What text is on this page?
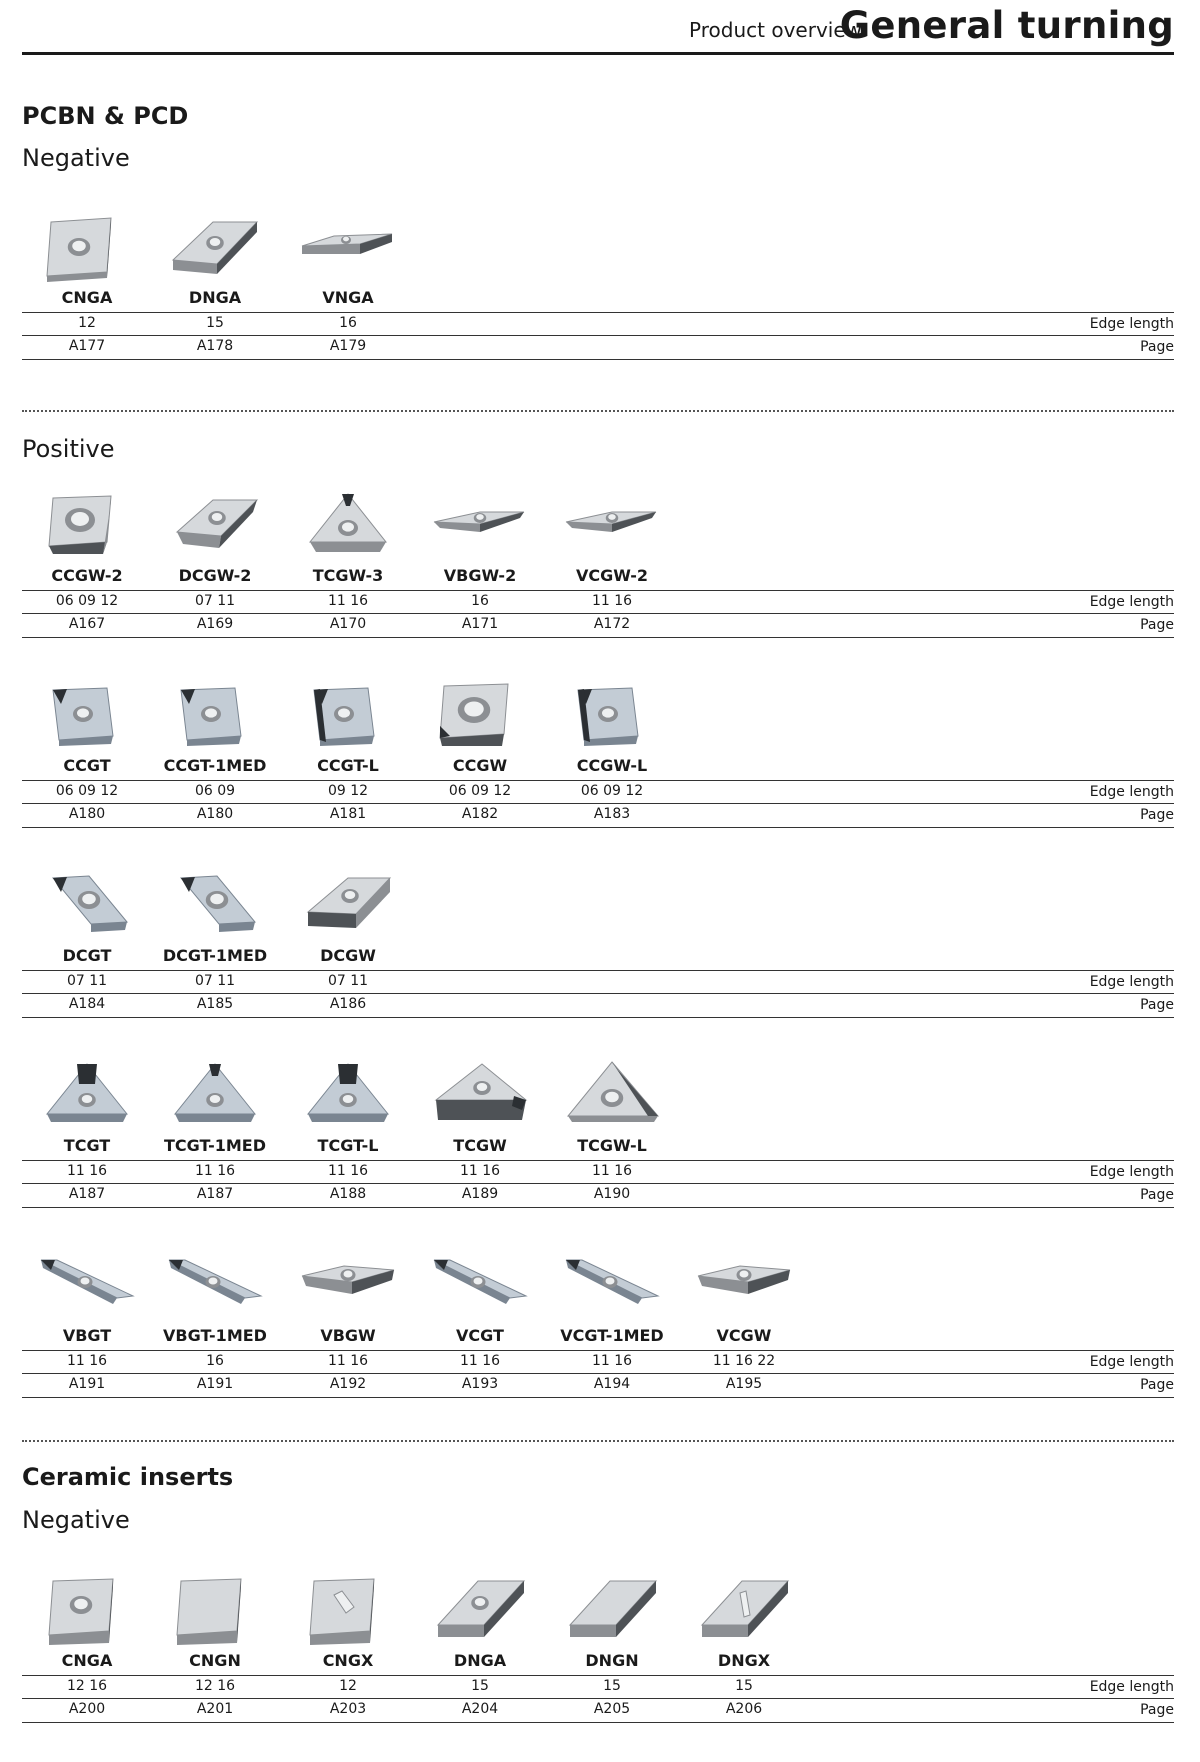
Product overview
General turning
PCBN & PCD
Negative
Positive
Ceramic inserts
Negative
Edge length
Page
CNGA
12
A177
DNGA
15
A178
VNGA
16
A179
Edge length
Page
CCGW-2
06 09 12
A167
DCGW-2
07 11
A169
TCGW-3
11 16
A170
VBGW-2
16
A171
VCGW-2
11 16
A172
Edge length
Page
CCGT
06 09 12
A180
CCGT-1MED
06 09
A180
CCGT-L
09 12
A181
CCGW
06 09 12
A182
CCGW-L
06 09 12
A183
Edge length
Page
DCGT
07 11
A184
DCGT-1MED
07 11
A185
DCGW
07 11
A186
Edge length
Page
TCGT
11 16
A187
TCGT-1MED
11 16
A187
TCGT-L
11 16
A188
TCGW
11 16
A189
TCGW-L
11 16
A190
Edge length
Page
VBGT
11 16
A191
VBGT-1MED
16
A191
VBGW
11 16
A192
VCGT
11 16
A193
VCGT-1MED
11 16
A194
VCGW
11 16 22
A195
Edge length
Page
CNGA
12 16
A200
CNGN
12 16
A201
CNGX
12
A203
DNGA
15
A204
DNGN
15
A205
DNGX
15
A206
